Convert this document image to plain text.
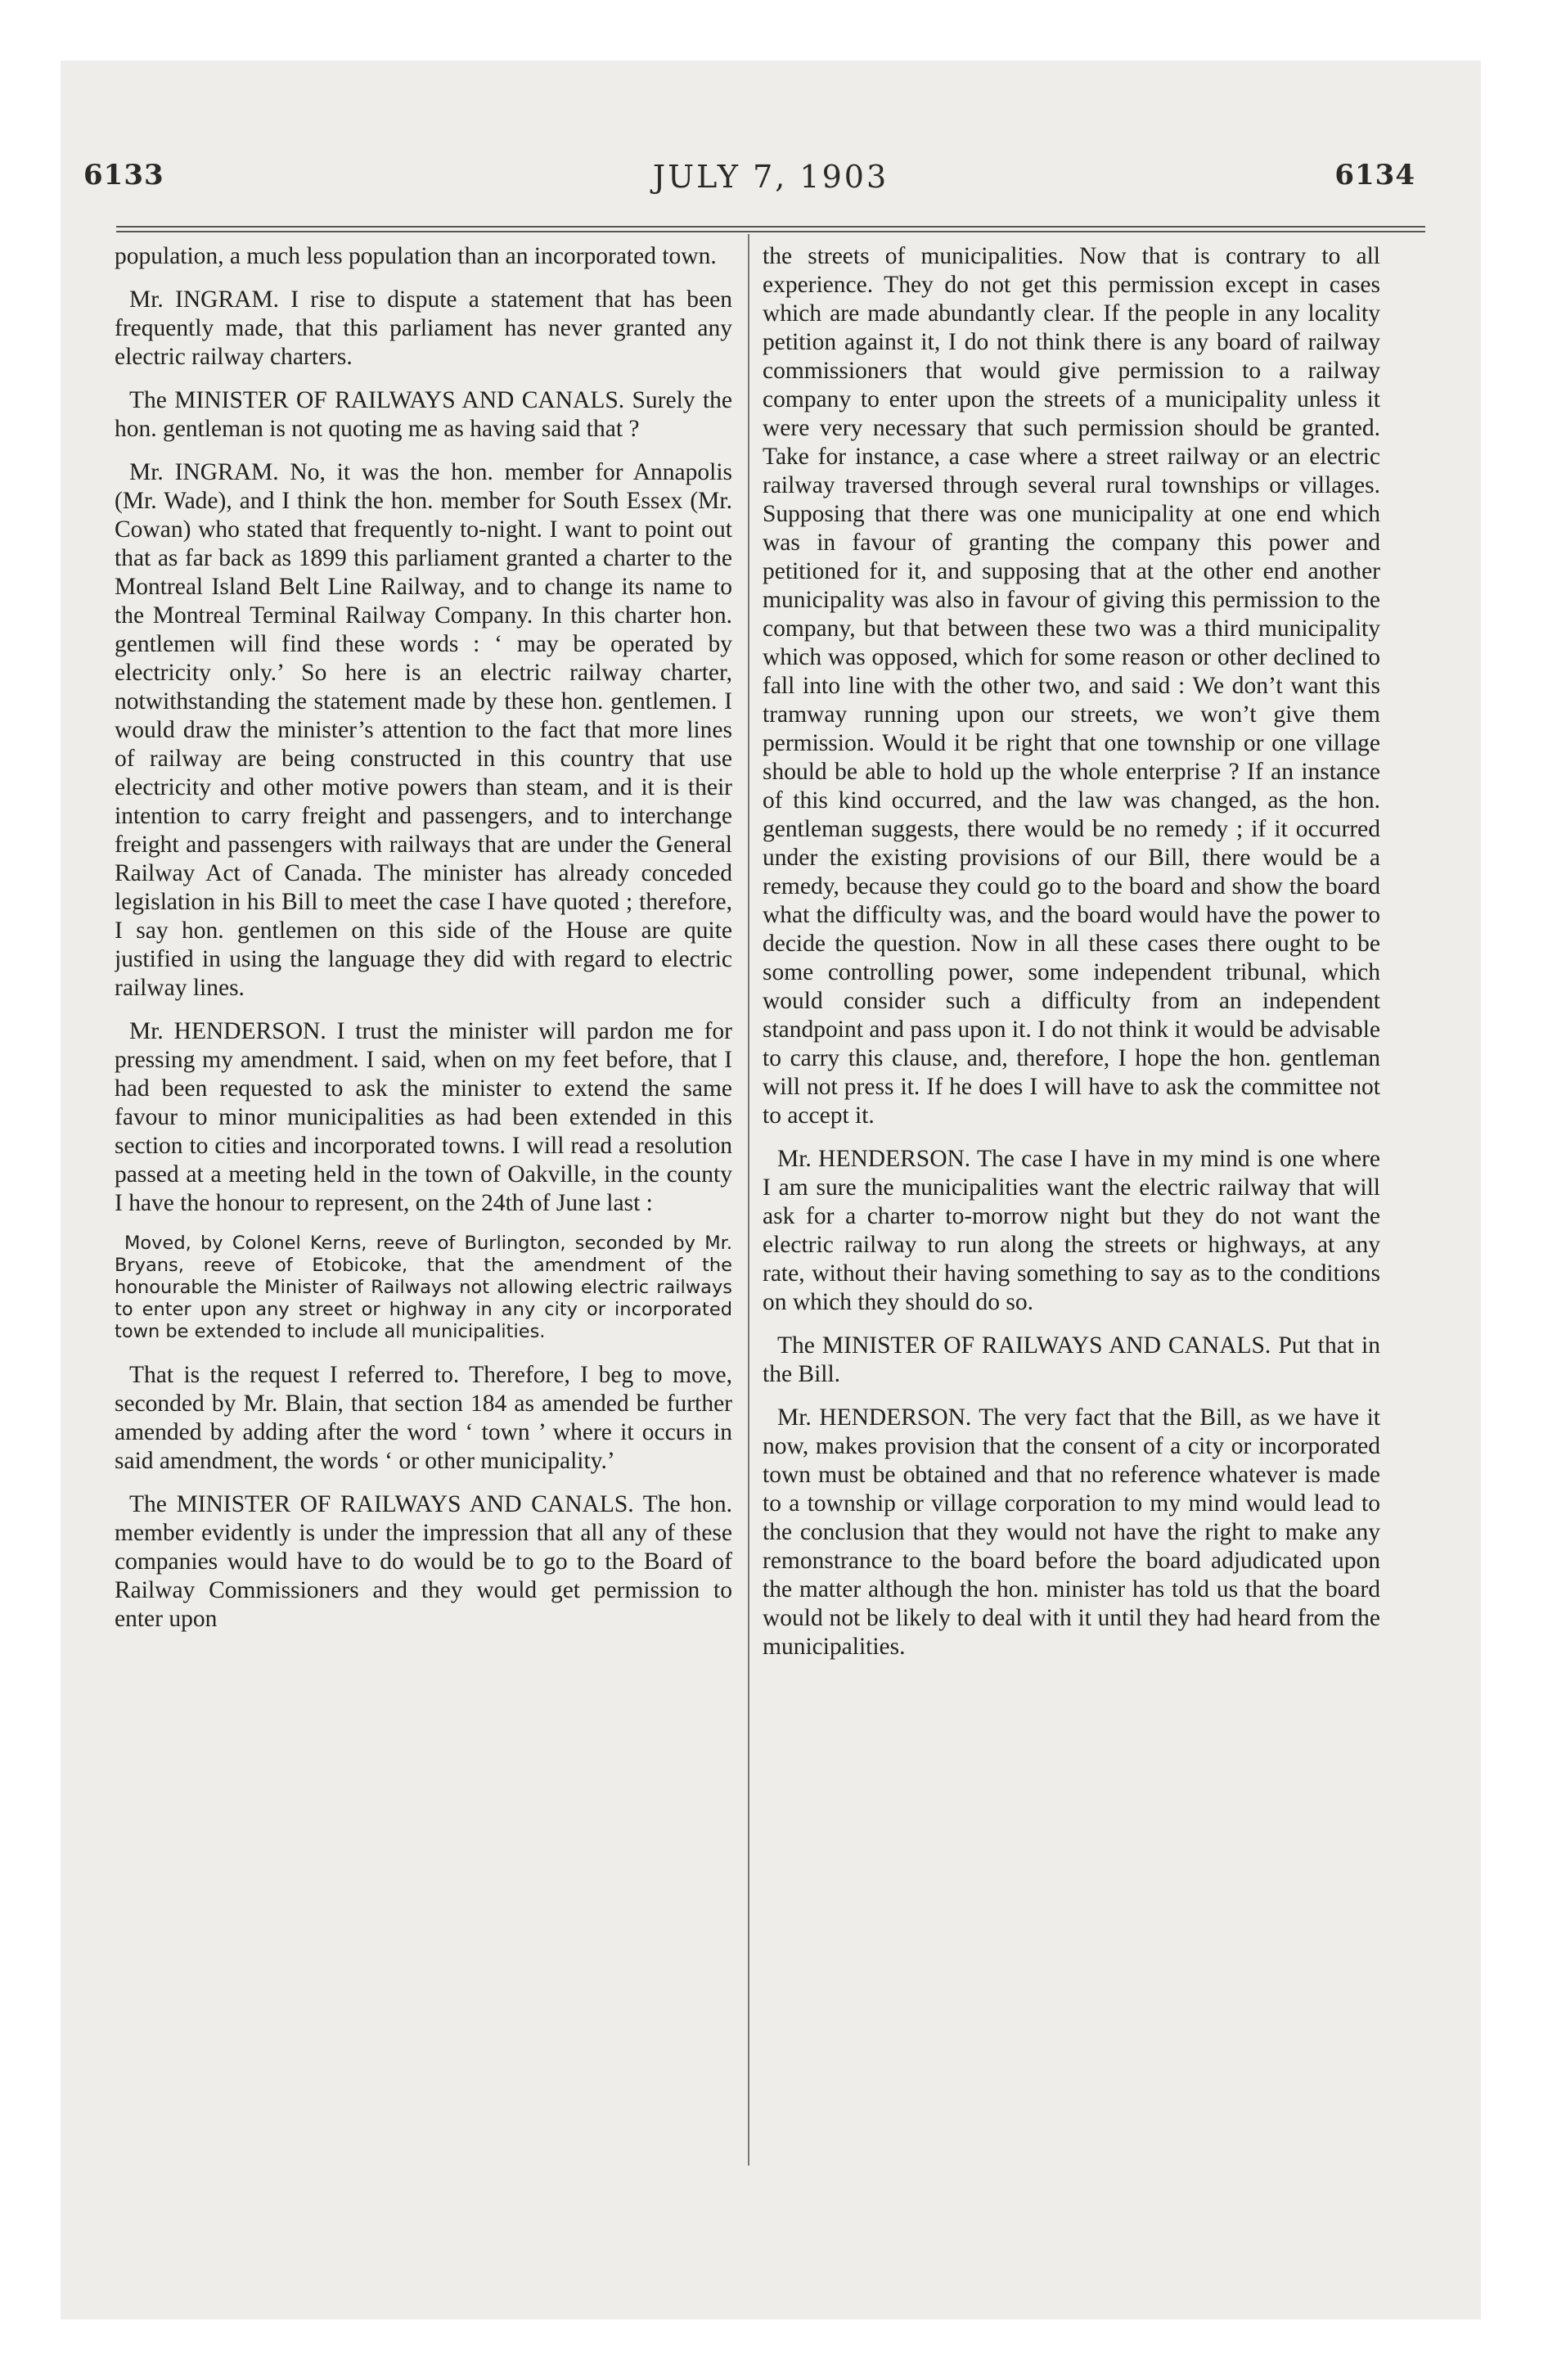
6133	JULY 7, 1903	6134

population, a much less population than an incorporated town.

Mr. INGRAM. I rise to dispute a statement that has been frequently made, that this parliament has never granted any electric railway charters.

The MINISTER OF RAILWAYS AND CANALS. Surely the hon. gentleman is not quoting me as having said that ?

Mr. INGRAM. No, it was the hon. member for Annapolis (Mr. Wade), and I think the hon. member for South Essex (Mr. Cowan) who stated that frequently to-night. I want to point out that as far back as 1899 this parliament granted a charter to the Montreal Island Belt Line Railway, and to change its name to the Montreal Terminal Railway Company. In this charter hon. gentlemen will find these words : ‘ may be operated by electricity only.’ So here is an electric railway charter, notwithstanding the statement made by these hon. gentlemen. I would draw the minister’s attention to the fact that more lines of railway are being constructed in this country that use electricity and other motive powers than steam, and it is their intention to carry freight and passengers, and to interchange freight and passengers with railways that are under the General Railway Act of Canada. The minister has already conceded legislation in his Bill to meet the case I have quoted ; therefore, I say hon. gentlemen on this side of the House are quite justified in using the language they did with regard to electric railway lines.

Mr. HENDERSON. I trust the minister will pardon me for pressing my amendment. I said, when on my feet before, that I had been requested to ask the minister to extend the same favour to minor municipalities as had been extended in this section to cities and incorporated towns. I will read a resolution passed at a meeting held in the town of Oakville, in the county I have the honour to represent, on the 24th of June last :

Moved, by Colonel Kerns, reeve of Burlington, seconded by Mr. Bryans, reeve of Etobicoke, that the amendment of the honourable the Minister of Railways not allowing electric railways to enter upon any street or highway in any city or incorporated town be extended to include all municipalities.

That is the request I referred to. Therefore, I beg to move, seconded by Mr. Blain, that section 184 as amended be further amended by adding after the word ‘ town ’ where it occurs in said amendment, the words ‘ or other municipality.’

The MINISTER OF RAILWAYS AND CANALS. The hon. member evidently is under the impression that all any of these companies would have to do would be to go to the Board of Railway Commissioners and they would get permission to enter upon

the streets of municipalities. Now that is contrary to all experience. They do not get this permission except in cases which are made abundantly clear. If the people in any locality petition against it, I do not think there is any board of railway commissioners that would give permission to a railway company to enter upon the streets of a municipality unless it were very necessary that such permission should be granted. Take for instance, a case where a street railway or an electric railway traversed through several rural townships or villages. Supposing that there was one municipality at one end which was in favour of granting the company this power and petitioned for it, and supposing that at the other end another municipality was also in favour of giving this permission to the company, but that between these two was a third municipality which was opposed, which for some reason or other declined to fall into line with the other two, and said : We don’t want this tramway running upon our streets, we won’t give them permission. Would it be right that one township or one village should be able to hold up the whole enterprise ? If an instance of this kind occurred, and the law was changed, as the hon. gentleman suggests, there would be no remedy ; if it occurred under the existing provisions of our Bill, there would be a remedy, because they could go to the board and show the board what the difficulty was, and the board would have the power to decide the question. Now in all these cases there ought to be some controlling power, some independent tribunal, which would consider such a difficulty from an independent standpoint and pass upon it. I do not think it would be advisable to carry this clause, and, therefore, I hope the hon. gentleman will not press it. If he does I will have to ask the committee not to accept it.

Mr. HENDERSON. The case I have in my mind is one where I am sure the municipalities want the electric railway that will ask for a charter to-morrow night but they do not want the electric railway to run along the streets or highways, at any rate, without their having something to say as to the conditions on which they should do so.

The MINISTER OF RAILWAYS AND CANALS. Put that in the Bill.

Mr. HENDERSON. The very fact that the Bill, as we have it now, makes provision that the consent of a city or incorporated town must be obtained and that no reference whatever is made to a township or village corporation to my mind would lead to the conclusion that they would not have the right to make any remonstrance to the board before the board adjudicated upon the matter although the hon. minister has told us that the board would not be likely to deal with it until they had heard from the municipalities.
